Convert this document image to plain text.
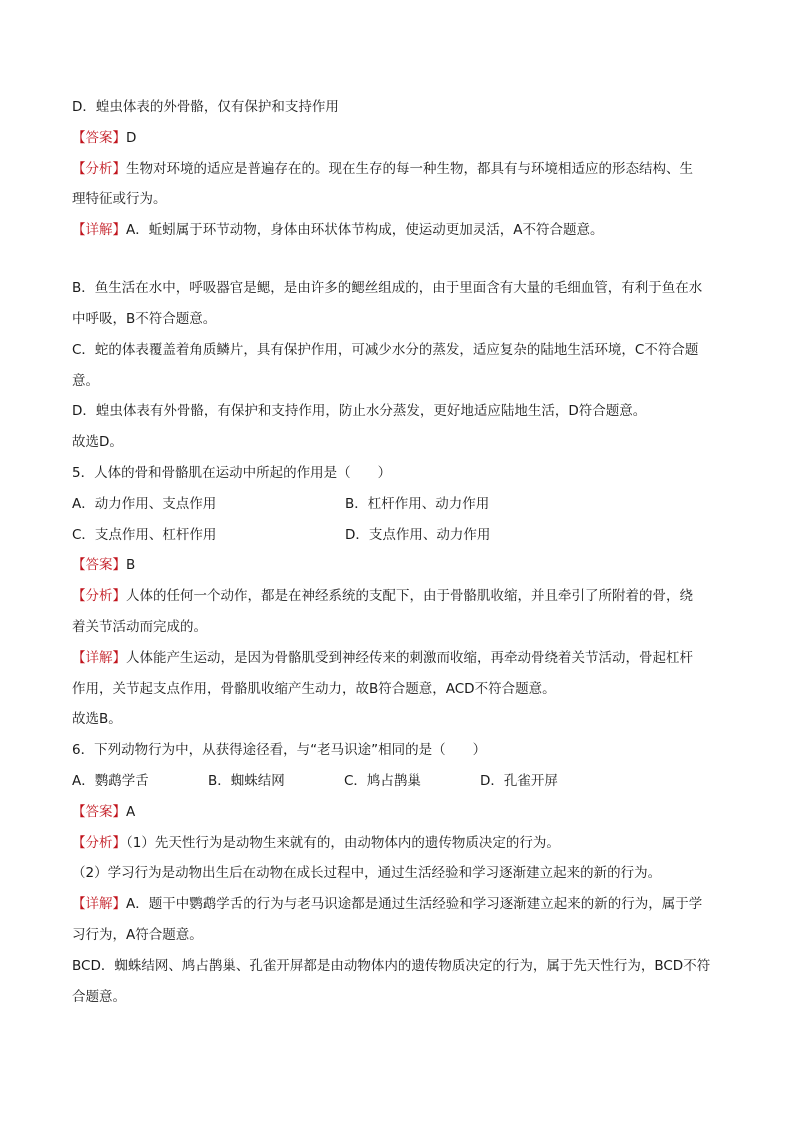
D．蝗虫体表的外骨骼，仅有保护和支持作用

【答案】D

【分析】生物对环境的适应是普遍存在的。现在生存的每一种生物，都具有与环境相适应的形态结构、生

理特征或行为。

【详解】A．蚯蚓属于环节动物，身体由环状体节构成，使运动更加灵活，A不符合题意。

B．鱼生活在水中，呼吸器官是鳃，是由许多的鳃丝组成的，由于里面含有大量的毛细血管，有利于鱼在水

中呼吸，B不符合题意。

C．蛇的体表覆盖着角质鳞片，具有保护作用，可减少水分的蒸发，适应复杂的陆地生活环境，C不符合题

意。

D．蝗虫体表有外骨骼，有保护和支持作用，防止水分蒸发，更好地适应陆地生活，D符合题意。

故选D。

5．人体的骨和骨骼肌在运动中所起的作用是（　　）

A．动力作用、支点作用	B．杠杆作用、动力作用
C．支点作用、杠杆作用	D．支点作用、动力作用

【答案】B

【分析】人体的任何一个动作，都是在神经系统的支配下，由于骨骼肌收缩，并且牵引了所附着的骨，绕

着关节活动而完成的。

【详解】人体能产生运动，是因为骨骼肌受到神经传来的刺激而收缩，再牵动骨绕着关节活动，骨起杠杆

作用，关节起支点作用，骨骼肌收缩产生动力，故B符合题意，ACD不符合题意。

故选B。

6．下列动物行为中，从获得途径看，与“老马识途”相同的是（　　）

A．鹦鹉学舌	B．蜘蛛结网	C．鸠占鹊巢	D．孔雀开屏

【答案】A

【分析】（1）先天性行为是动物生来就有的，由动物体内的遗传物质决定的行为。

（2）学习行为是动物出生后在动物在成长过程中，通过生活经验和学习逐渐建立起来的新的行为。

【详解】A．题干中鹦鹉学舌的行为与老马识途都是通过生活经验和学习逐渐建立起来的新的行为，属于学

习行为，A符合题意。

BCD．蜘蛛结网、鸠占鹊巢、孔雀开屏都是由动物体内的遗传物质决定的行为，属于先天性行为，BCD不符

合题意。
